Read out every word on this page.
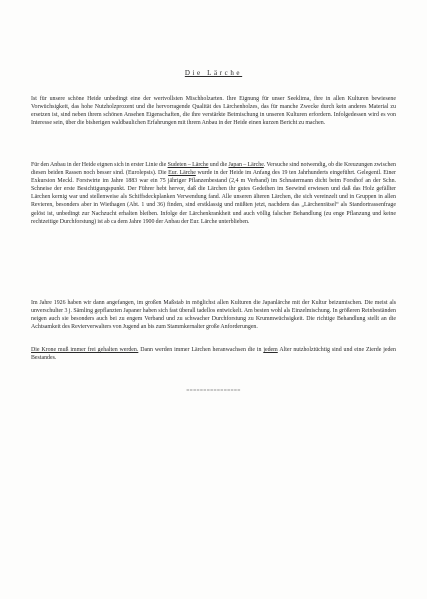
Die Lärche

Ist für unsere schöne Heide unbedingt eine der wertvollsten Mischholzarten. Ihre Eignung für unser Seeklima, ihre in allen Kulturen bewiesene Vorwüchsigkeit, das hohe Nutzholzprozent und die hervorragende Qualität des Lärchenholzes, das für manche Zwecke durch kein anderes Material zu ersetzen ist, sind neben ihrem schönen Ansehen Eigenschaften, die ihre verstärkte Beimischung in unseren Kulturen erfordern. Infolgedessen wird es von Interesse sein, über die bisherigen waldbaulichen Erfahrungen mit ihrem Anbau in der Heide einen kurzen Bericht zu machen.

Für den Anbau in der Heide eignen sich in erster Linie die Sudeten – Lärche und die Japan – Lärche. Versuche sind notwendig, ob die Kreuzungen zwischen diesen beiden Rassen noch besser sind. (Eurolepsis). Die Eur. Lärche wurde in der Heide im Anfang des 19 ten Jahrhunderts eingeführt. Gelegentl. Einer Exkursion Meckl. Forstwirte im Jahre 1883 war ein 75 jähriger Pflanzenbestand (2,4 m Verband) im Schnatermann dicht beim Forsthof an der Schn. Schneise der erste Besichtigungspunkt. Der Führer hebt hervor, daß die Lärchen ihr gutes Gedeihen im Seewind erwiesen und daß das Holz gefällter Lärchen kernig war und stellenweise als Schiffsdeckplanken Verwendung fand. Alle unseren älteren Lärchen, die sich vereinzelt und in Gruppen in allen Revieren, besonders aber in Wiethagen (Abt. 1 und 36) finden, sind erstklassig und müßten jetzt, nachdem das „Lärchenrätsel“ als Standortrassenfrage gelöst ist, unbedingt zur Nachzucht erhalten bleiben. Infolge der Lärchenkrankheit und auch völlig falscher Behandlung (zu enge Pflanzung und keine rechtzeitige Durchforstung) ist ab ca dem Jahre 1900 der Anbau der Eur. Lärche unterblieben.

Im Jahre 1926 haben wir dann angefangen, im großen Maßstab in möglichst allen Kulturen die Japanlärche mit der Kultur beizumischen. Die meist als unverschulter 3 j. Sämling gepflanzten Japaner haben sich fast überall tadellos entwickelt. Am besten wohl als Einzelmischung. In größeren Reinbeständen neigen auch sie besonders auch bei zu engem Verband und zu schwacher Durchforstung zu Krummwüchsigkeit. Die richtige Behandlung stellt an die Achtsamkeit des Revierverwalters von Jugend an bis zum Stammkernalter große Anforderungen.

Die Krone muß immer frei gehalten werden. Dann werden immer Lärchen heranwachsen die in jedem Alter nutzholztüchtig sind und eine Zierde jeden Bestandes.

================
